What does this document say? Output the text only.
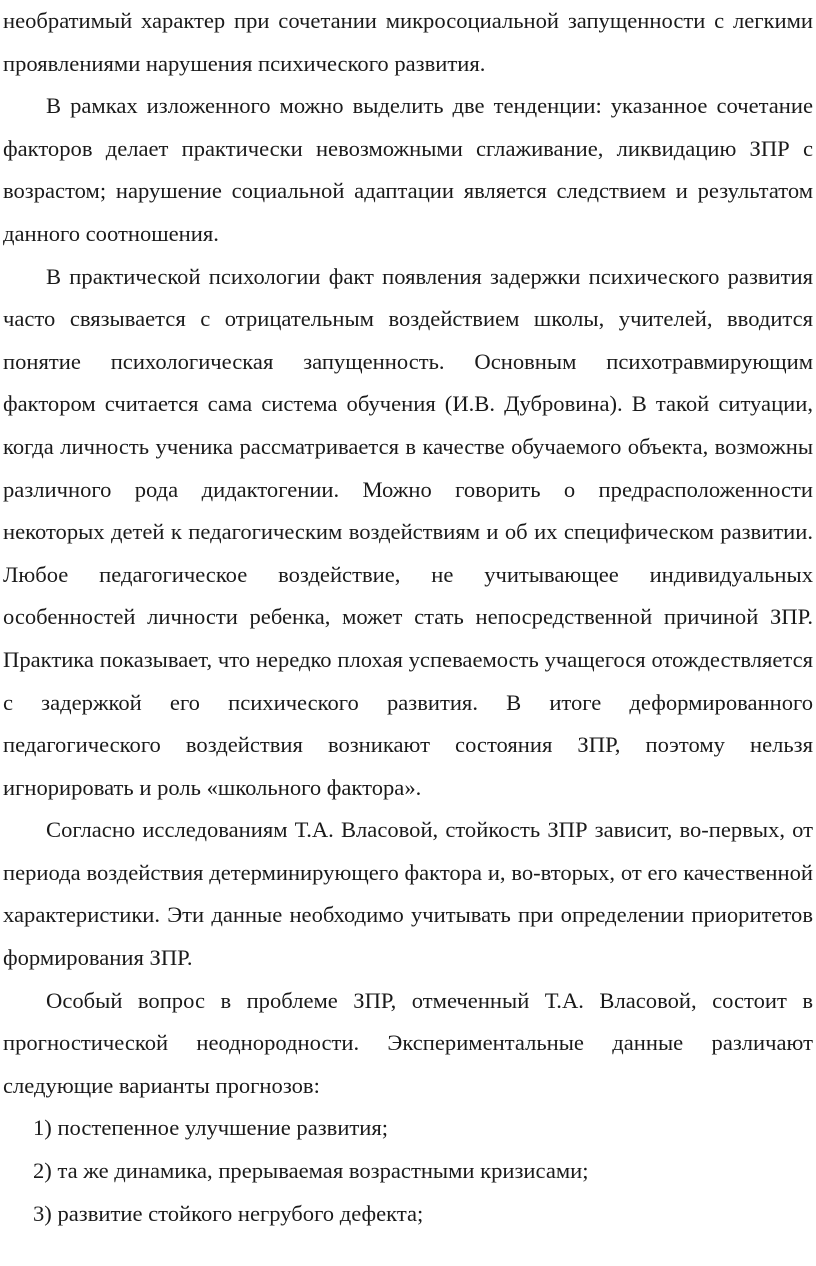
необратимый характер при сочетании микросоциальной запущенности с легкими проявлениями нарушения психического развития.

В рамках изложенного можно выделить две тенденции: указанное сочетание факторов делает практически невозможными сглаживание, ликвидацию ЗПР с возрастом; нарушение социальной адаптации является следствием и результатом данного соотношения.

В практической психологии факт появления задержки психического развития часто связывается с отрицательным воздействием школы, учителей, вводится понятие психологическая запущенность. Основным психотравмирующим фактором считается сама система обучения (И.В. Дубровина). В такой ситуации, когда личность ученика рассматривается в качестве обучаемого объекта, возможны различного рода дидактогении. Можно говорить о предрасположенности некоторых детей к педагогическим воздействиям и об их специфическом развитии. Любое педагогическое воздействие, не учитывающее индивидуальных особенностей личности ребенка, может стать непосредственной причиной ЗПР. Практика показывает, что нередко плохая успеваемость учащегося отождествляется с задержкой его психического развития. В итоге деформированного педагогического воздействия возникают состояния ЗПР, поэтому нельзя игнорировать и роль «школьного фактора».

Согласно исследованиям Т.А. Власовой, стойкость ЗПР зависит, во-первых, от периода воздействия детерминирующего фактора и, во-вторых, от его качественной характеристики. Эти данные необходимо учитывать при определении приоритетов формирования ЗПР.

Особый вопрос в проблеме ЗПР, отмеченный Т.А. Власовой, состоит в прогностической неоднородности. Экспериментальные данные различают следующие варианты прогнозов:

1) постепенное улучшение развития;

2) та же динамика, прерываемая возрастными кризисами;

3) развитие стойкого негрубого дефекта;
